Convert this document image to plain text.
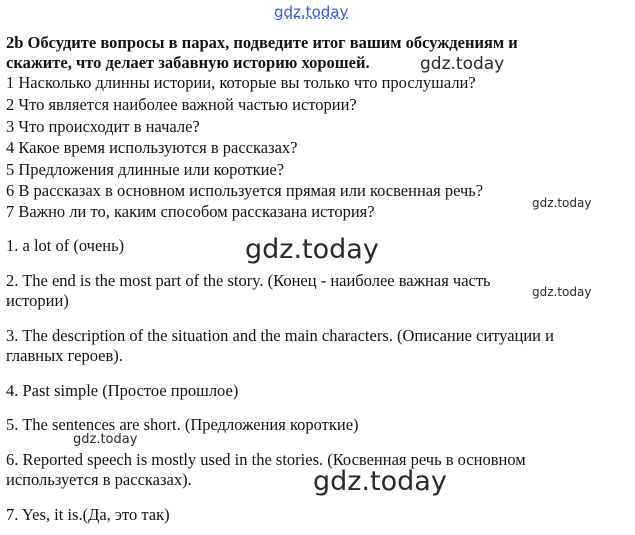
gdz.today
gdz.today
gdz.today
gdz.today
gdz.today
gdz.today
gdz.today
2b Обсудите вопросы в парах, подведите итог вашим обсуждениям и
скажите, что делает забавную историю хорошей.
1 Насколько длинны истории, которые вы только что прослушали?
2 Что является наиболее важной частью истории?
3 Что происходит в начале?
4 Какое время используются в рассказах?
5 Предложения длинные или короткие?
6 В рассказах в основном используется прямая или косвенная речь?
7 Важно ли то, каким способом рассказана история?
1. a lot of (очень)
2. The end is the most part of the story. (Конец - наиболее важная часть
истории)
3. The description of the situation and the main characters. (Описание ситуации и
главных героев).
4. Past simple (Простое прошлое)
5. The sentences are short. (Предложения короткие)
6. Reported speech is mostly used in the stories. (Косвенная речь в основном
используется в рассказах).
7. Yes, it is.(Да, это так)
